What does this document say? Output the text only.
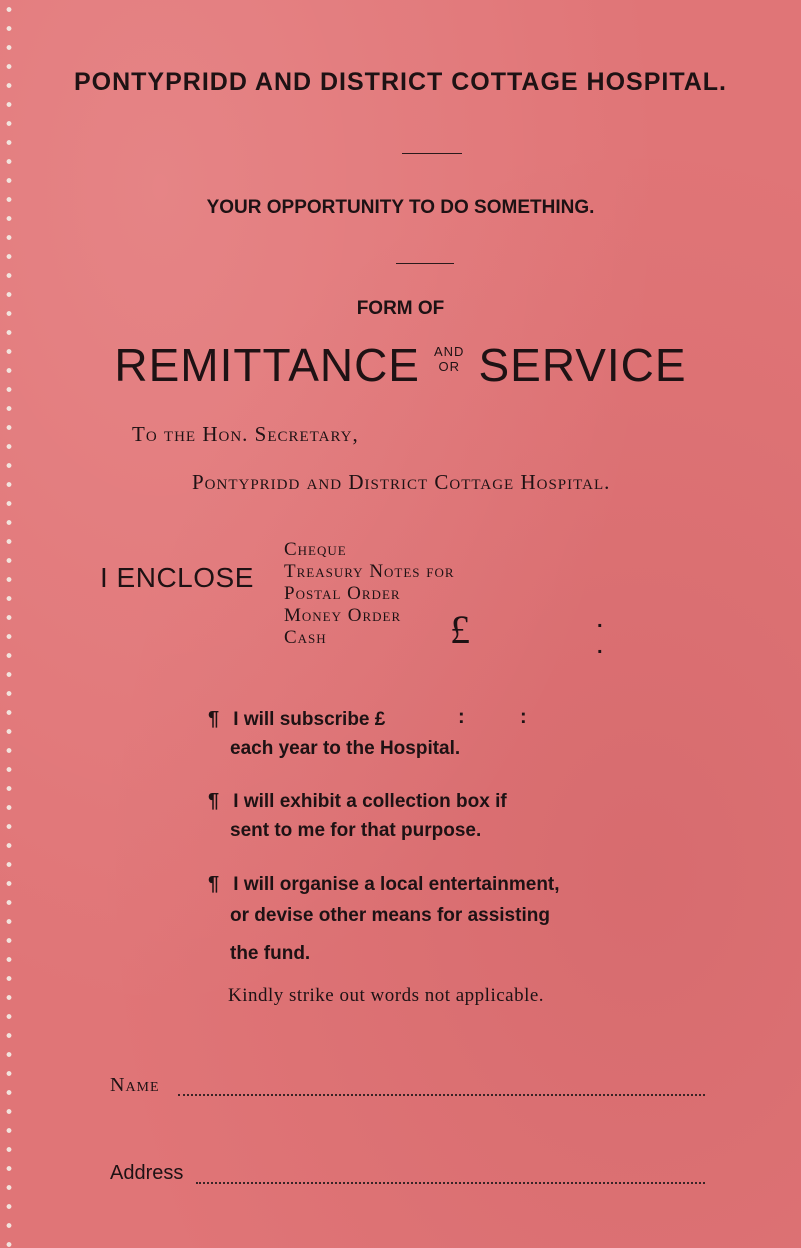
PONTYPRIDD AND DISTRICT COTTAGE HOSPITAL.
YOUR OPPORTUNITY TO DO SOMETHING.
FORM OF
REMITTANCE AND
OR SERVICE
To the Hon. Secretary,
Pontypridd and District Cottage Hospital.
I ENCLOSE
Cheque
Treasury Notes for
Postal Order
Money Order
Cash	£	.
.
¶ I will subscribe £	:	:
each year to the Hospital.
¶ I will exhibit a collection box if
sent to me for that purpose.
¶ I will organise a local entertainment,
or devise other means for assisting
the fund.
Kindly strike out words not applicable.
Name
Address
